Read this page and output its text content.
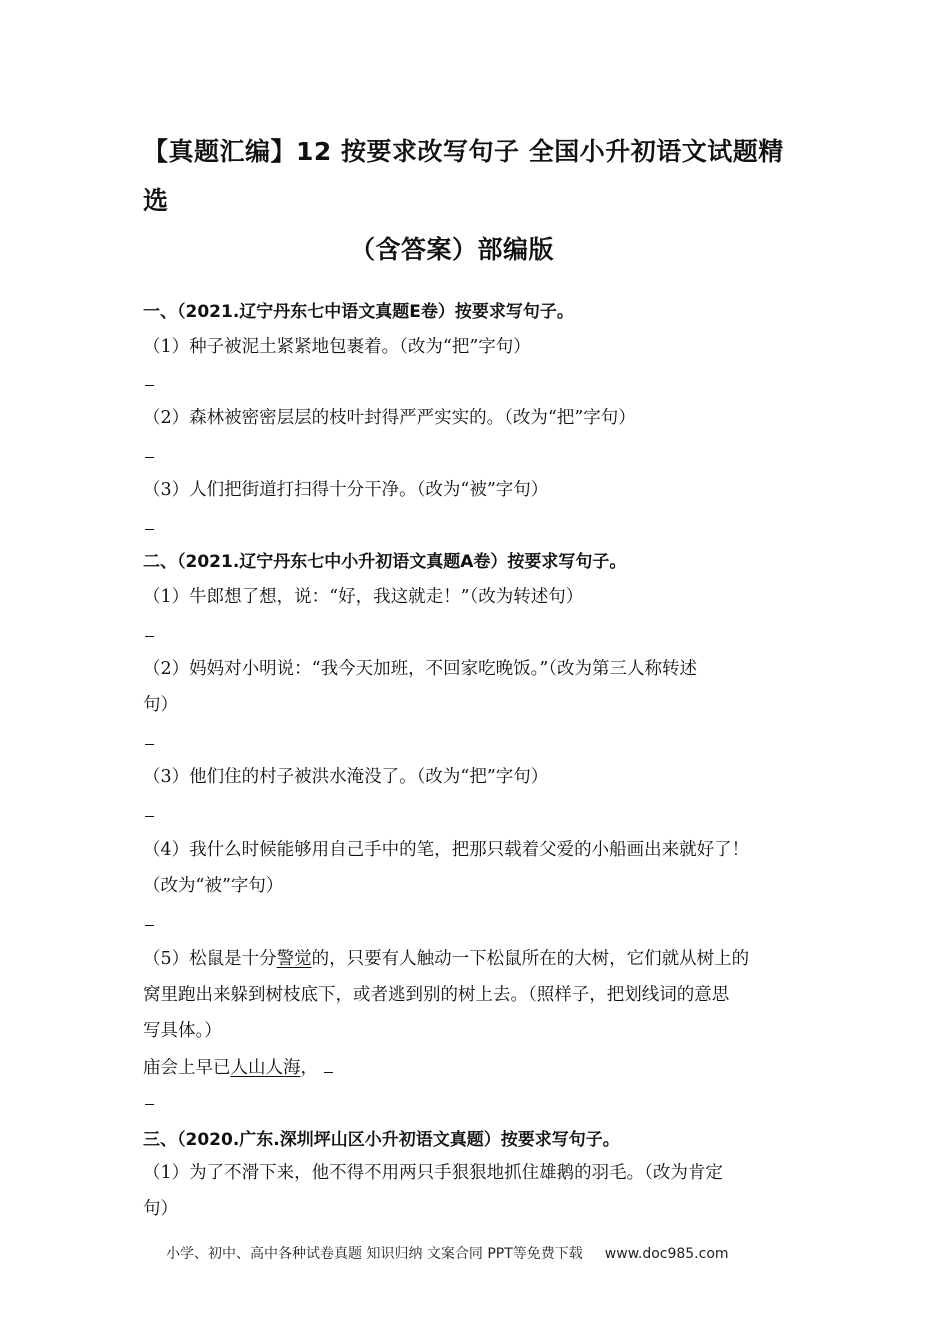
【真题汇编】12 按要求改写句子 全国小升初语文试题精
选
（含答案）部编版
一、（2021.辽宁丹东七中语文真题E卷）按要求写句子。
（1）种子被泥土紧紧地包裹着。（改为“把”字句）
（2）森林被密密层层的枝叶封得严严实实的。（改为“把”字句）
（3）人们把街道打扫得十分干净。（改为“被”字句）
二、（2021.辽宁丹东七中小升初语文真题A卷）按要求写句子。
（1）牛郎想了想，说：“好，我这就走！”（改为转述句）
（2）妈妈对小明说：“我今天加班，不回家吃晚饭。”（改为第三人称转述
句）
（3）他们住的村子被洪水淹没了。（改为“把”字句）
（4）我什么时候能够用自己手中的笔，把那只载着父爱的小船画出来就好了！
（改为“被”字句）
（5）松鼠是十分警觉的，只要有人触动一下松鼠所在的大树，它们就从树上的
窝里跑出来躲到树枝底下，或者逃到别的树上去。（照样子，把划线词的意思
写具体。）
庙会上早已人山人海，
三、（2020.广东.深圳坪山区小升初语文真题）按要求写句子。
（1）为了不滑下来，他不得不用两只手狠狠地抓住雄鹅的羽毛。（改为肯定
句）
小学、初中、高中各种试卷真题 知识归纳 文案合同 PPT等免费下载 www.doc985.com
